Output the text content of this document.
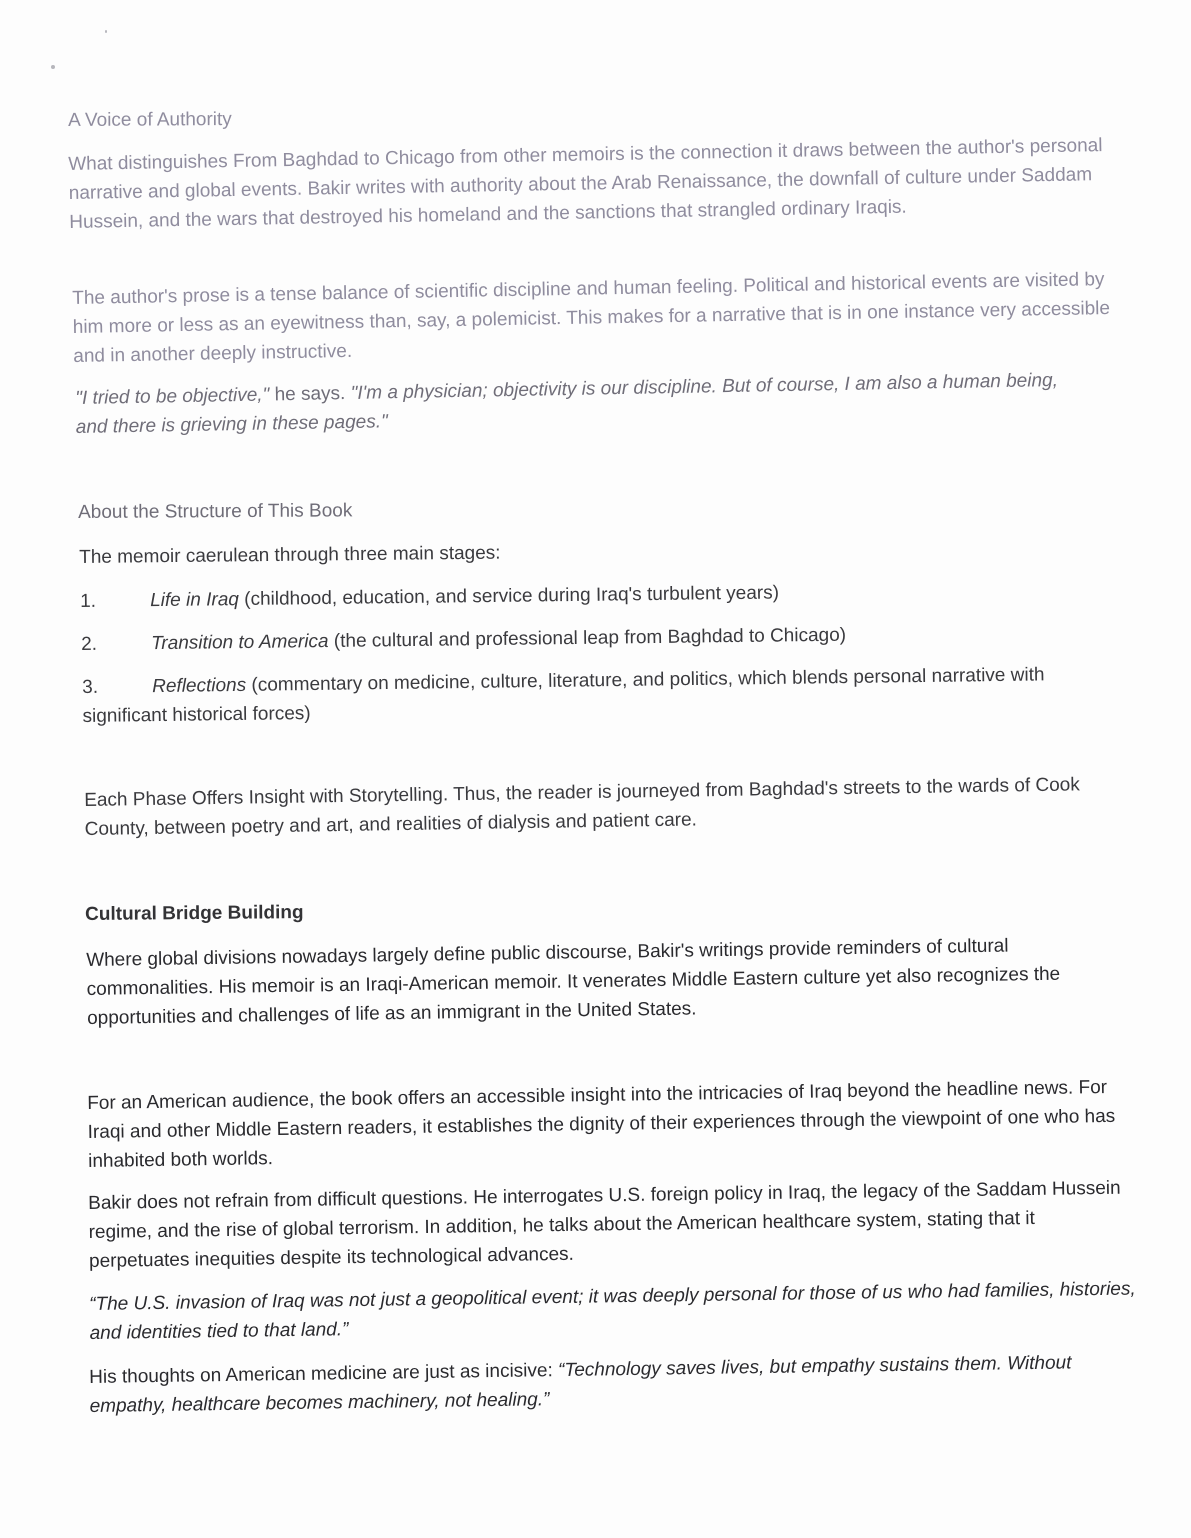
A Voice of Authority

What distinguishes From Baghdad to Chicago from other memoirs is the connection it draws between the author's personal narrative and global events. Bakir writes with authority about the Arab Renaissance, the downfall of culture under Saddam Hussein, and the wars that destroyed his homeland and the sanctions that strangled ordinary Iraqis.

The author's prose is a tense balance of scientific discipline and human feeling. Political and historical events are visited by him more or less as an eyewitness than, say, a polemicist. This makes for a narrative that is in one instance very accessible and in another deeply instructive.

"I tried to be objective," he says. "I'm a physician; objectivity is our discipline. But of course, I am also a human being, and there is grieving in these pages."

About the Structure of This Book

The memoir caerulean through three main stages:

1.	Life in Iraq (childhood, education, and service during Iraq's turbulent years)

2.	Transition to America (the cultural and professional leap from Baghdad to Chicago)

3.	Reflections (commentary on medicine, culture, literature, and politics, which blends personal narrative with significant historical forces)

Each Phase Offers Insight with Storytelling. Thus, the reader is journeyed from Baghdad's streets to the wards of Cook County, between poetry and art, and realities of dialysis and patient care.

Cultural Bridge Building

Where global divisions nowadays largely define public discourse, Bakir's writings provide reminders of cultural commonalities. His memoir is an Iraqi-American memoir. It venerates Middle Eastern culture yet also recognizes the opportunities and challenges of life as an immigrant in the United States.

For an American audience, the book offers an accessible insight into the intricacies of Iraq beyond the headline news. For Iraqi and other Middle Eastern readers, it establishes the dignity of their experiences through the viewpoint of one who has inhabited both worlds.

Bakir does not refrain from difficult questions. He interrogates U.S. foreign policy in Iraq, the legacy of the Saddam Hussein regime, and the rise of global terrorism. In addition, he talks about the American healthcare system, stating that it perpetuates inequities despite its technological advances.

“The U.S. invasion of Iraq was not just a geopolitical event; it was deeply personal for those of us who had families, histories, and identities tied to that land.”

His thoughts on American medicine are just as incisive: “Technology saves lives, but empathy sustains them. Without empathy, healthcare becomes machinery, not healing.”
